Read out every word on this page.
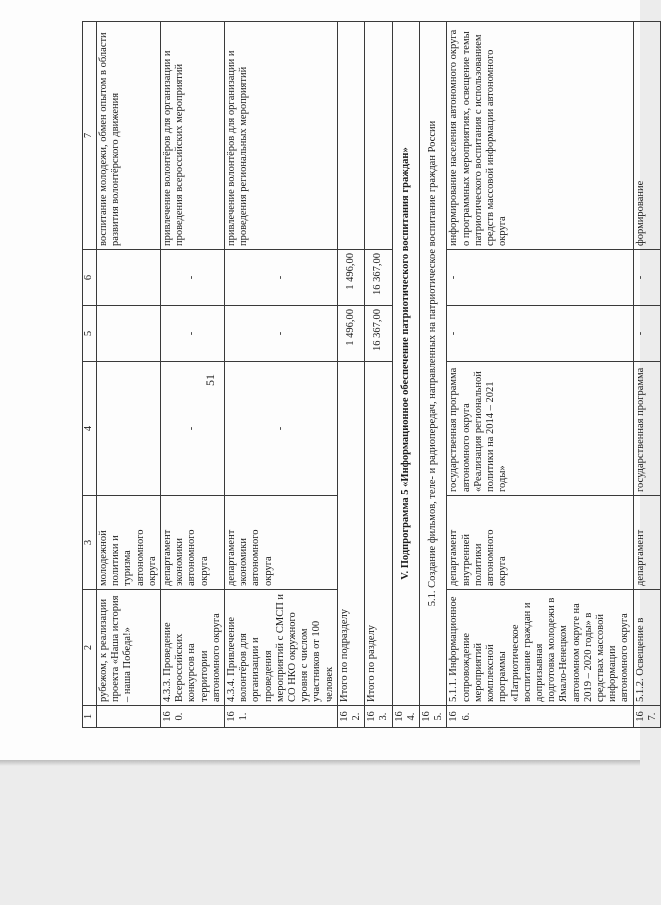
51
1	2	3	4	5	6	7
	рубежом, к реализации проекта «Наша история – наша Победа!»	молодежной политики и туризма автономного округа				воспитание молодежи, обмен опытом в области развития волонтёрского движения
160.	4.3.3. Проведение Всероссийских конкурсов на территории автономного округа	департамент экономики автономного округа	-	-	-	привлечение волонтёров для организации и проведения всероссийских мероприятий
161.	4.3.4. Привлечение волонтёров для организации и проведения мероприятий с СМСП и СО НКО окружного уровня с числом участников от 100 человек	департамент экономики автономного округа	-	-	-	привлечение волонтёров для организации и проведения региональных мероприятий
162.	Итого по подразделу			1 496,00	1 496,00	
163.	Итого по разделу			16 367,00	16 367,00	
164.	V. Подпрограмма 5 «Информационное обеспечение патриотического воспитания граждан»					
165.	5.1. Создание фильмов, теле- и радиопередач, направленных на патриотическое воспитание граждан России					
166.	5.1.1. Информационное сопровождение мероприятий комплексной программы «Патриотическое воспитание граждан и допризывная подготовка молодежи в Ямало-Ненецком автономном округе на 2019 – 2020 годы» в средствах массовой информации автономного округа	департамент внутренней политики автономного округа	государственная программа автономного округа «Реализация региональной политики на 2014 – 2021 годы»	-	-	информирование населения автономного округа о программных мероприятиях, освещение темы патриотического воспитания с использованием средств массовой информации автономного округа
167.	5.1.2. Освещение в	департамент	государственная программа	-	-	формирование
